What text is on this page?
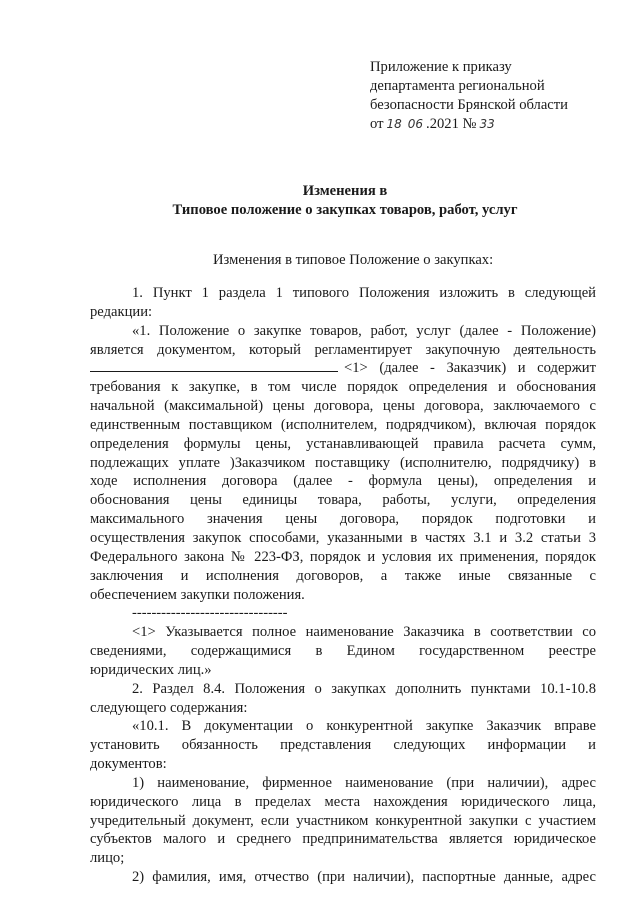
Приложение к приказу
департамента региональной
безопасности Брянской области
от 18 06 .2021 № 33
Изменения в
Типовое положение о закупках товаров, работ, услуг
Изменения в типовое Положение о закупках:
1. Пункт 1 раздела 1 типового Положения изложить в следующей
редакции:
«1. Положение о закупке товаров, работ, услуг (далее - Положение)
является документом, который регламентирует закупочную деятельность
<1> (далее - Заказчик) и содержит
требования к закупке, в том числе порядок определения и обоснования
начальной (максимальной) цены договора, цены договора, заключаемого с
единственным поставщиком (исполнителем, подрядчиком), включая порядок
определения формулы цены, устанавливающей правила расчета сумм,
подлежащих уплате )Заказчиком поставщику (исполнителю, подрядчику) в
ходе исполнения договора (далее - формула цены), определения и
обоснования цены единицы товара, работы, услуги, определения
максимального значения цены договора, порядок подготовки и
осуществления закупок способами, указанными в частях 3.1 и 3.2 статьи 3
Федерального закона № 223-ФЗ, порядок и условия их применения, порядок
заключения и исполнения договоров, а также иные связанные с
обеспечением закупки положения.
--------------------------------
<1> Указывается полное наименование Заказчика в соответствии со
сведениями, содержащимися в Едином государственном реестре
юридических лиц.»
2. Раздел 8.4. Положения о закупках дополнить пунктами 10.1-10.8
следующего содержания:
«10.1. В документации о конкурентной закупке Заказчик вправе
установить обязанность представления следующих информации и
документов:
1) наименование, фирменное наименование (при наличии), адрес
юридического лица в пределах места нахождения юридического лица,
учредительный документ, если участником конкурентной закупки с участием
субъектов малого и среднего предпринимательства является юридическое
лицо;
2) фамилия, имя, отчество (при наличии), паспортные данные, адрес
